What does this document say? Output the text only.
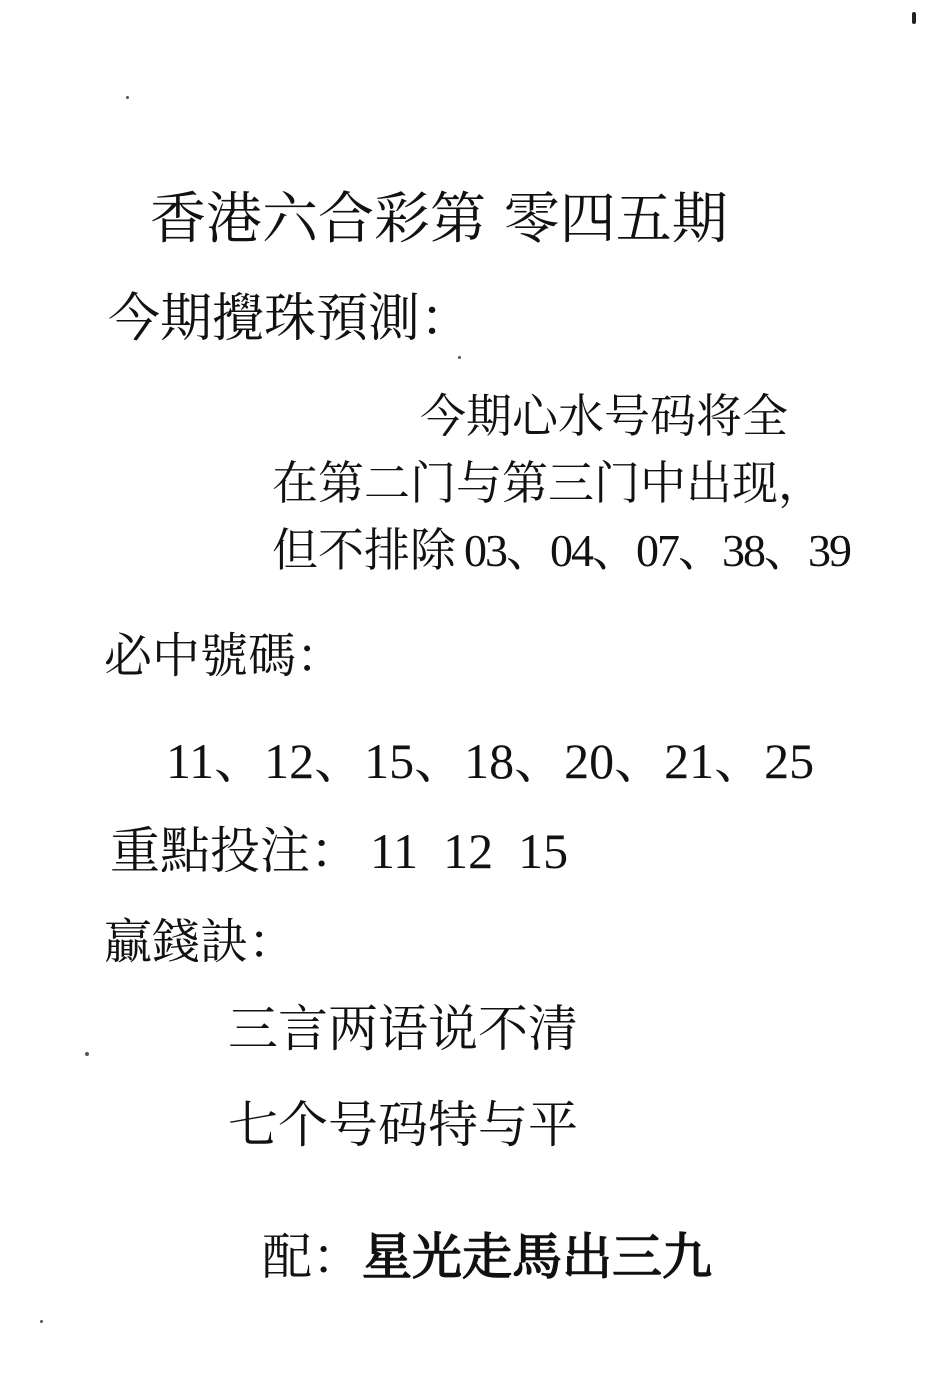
香港六合彩第 零四五期
今期攪珠預測：
今期心水号码将全
在第二门与第三门中出现，
但不排除 03、04、07、38、39
必中號碼：
11、12、15、18、20、21、25
重點投注： 11  12  15
贏錢訣：
三言两语说不清
七个号码特与平
配：星光走馬出三九
